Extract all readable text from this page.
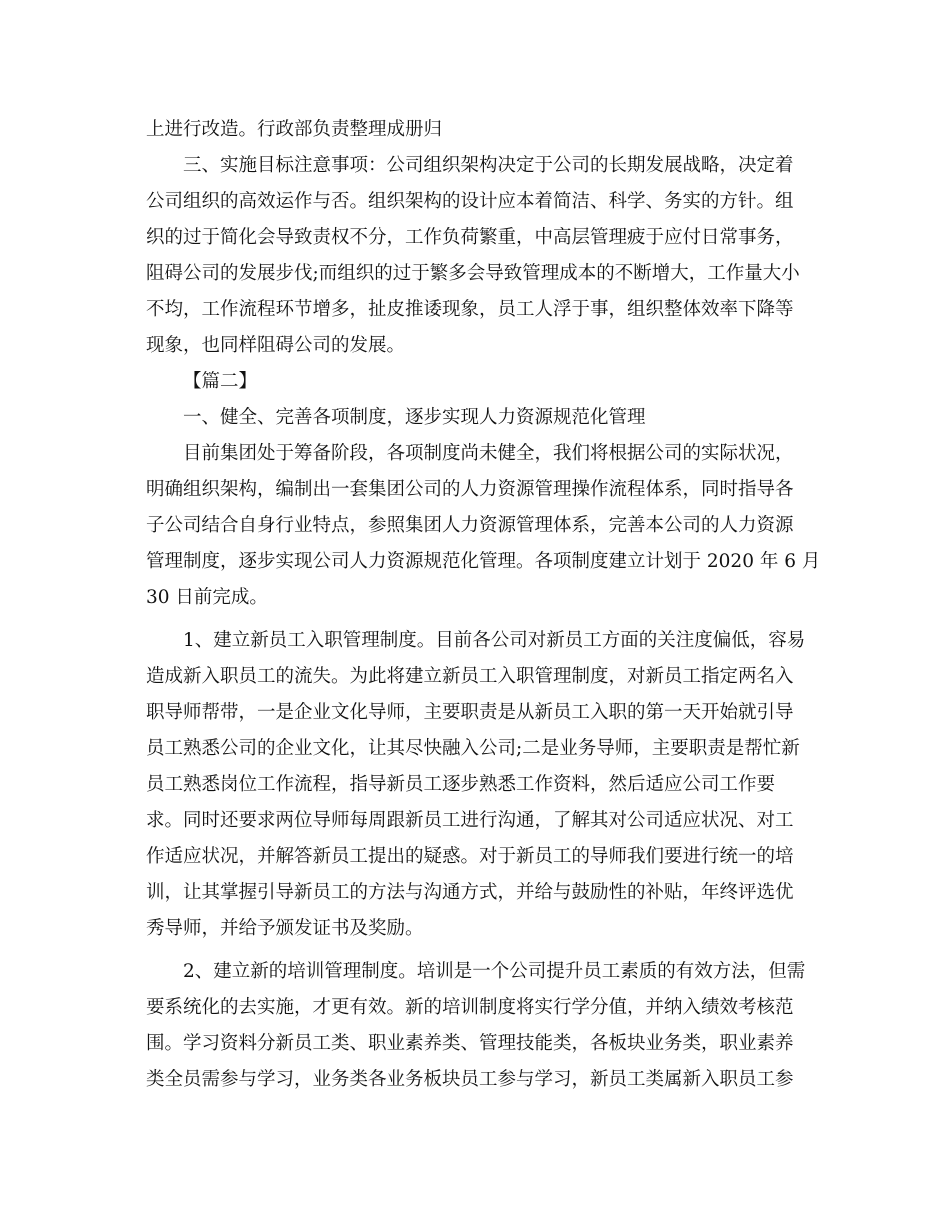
上进行改造。行政部负责整理成册归
三、实施目标注意事项：公司组织架构决定于公司的长期发展战略，决定着
公司组织的高效运作与否。组织架构的设计应本着简洁、科学、务实的方针。组
织的过于简化会导致责权不分，工作负荷繁重，中高层管理疲于应付日常事务，
阻碍公司的发展步伐;而组织的过于繁多会导致管理成本的不断增大，工作量大小
不均，工作流程环节增多，扯皮推诿现象，员工人浮于事，组织整体效率下降等
现象，也同样阻碍公司的发展。
【篇二】
一、健全、完善各项制度，逐步实现人力资源规范化管理
目前集团处于筹备阶段，各项制度尚未健全，我们将根据公司的实际状况，
明确组织架构，编制出一套集团公司的人力资源管理操作流程体系，同时指导各
子公司结合自身行业特点，参照集团人力资源管理体系，完善本公司的人力资源
管理制度，逐步实现公司人力资源规范化管理。各项制度建立计划于 2020 年 6 月
30 日前完成。
1、建立新员工入职管理制度。目前各公司对新员工方面的关注度偏低，容易
造成新入职员工的流失。为此将建立新员工入职管理制度，对新员工指定两名入
职导师帮带，一是企业文化导师，主要职责是从新员工入职的第一天开始就引导
员工熟悉公司的企业文化，让其尽快融入公司;二是业务导师，主要职责是帮忙新
员工熟悉岗位工作流程，指导新员工逐步熟悉工作资料，然后适应公司工作要
求。同时还要求两位导师每周跟新员工进行沟通，了解其对公司适应状况、对工
作适应状况，并解答新员工提出的疑惑。对于新员工的导师我们要进行统一的培
训，让其掌握引导新员工的方法与沟通方式，并给与鼓励性的补贴，年终评选优
秀导师，并给予颁发证书及奖励。
2、建立新的培训管理制度。培训是一个公司提升员工素质的有效方法，但需
要系统化的去实施，才更有效。新的培训制度将实行学分值，并纳入绩效考核范
围。学习资料分新员工类、职业素养类、管理技能类，各板块业务类，职业素养
类全员需参与学习，业务类各业务板块员工参与学习，新员工类属新入职员工参
